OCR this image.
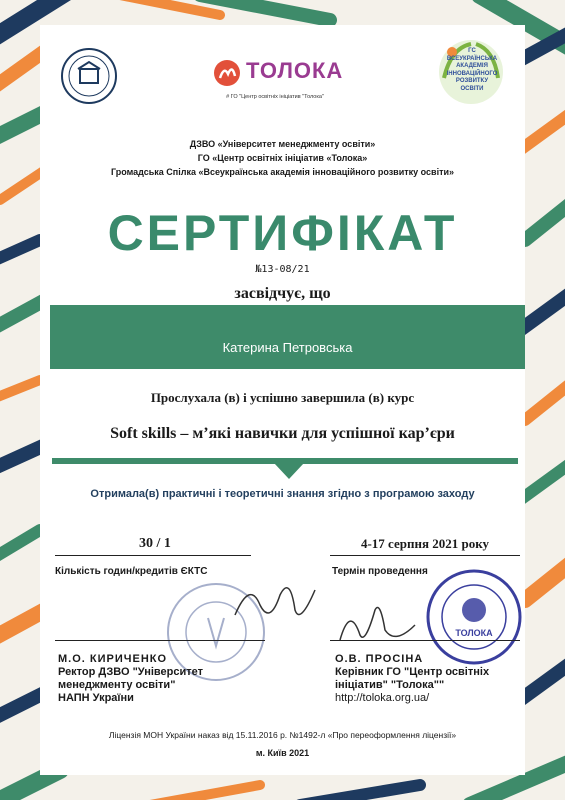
ТОЛОКА
# ГО "Центр освітніх ініціатив "Толока"
ГС
ВСЕУКРАЇНСЬКА
АКАДЕМІЯ
ІННОВАЦІЙНОГО
РОЗВИТКУ
ОСВІТИ
ДЗВО «Університет менеджменту освіти»
ГО «Центр освітніх ініціатив «Толока»
Громадська Спілка «Всеукраїнська академія інноваційного розвитку освіти»
СЕРТИФІКАТ
№13-08/21
засвідчує, що
Катерина Петровська
Прослухала (в) і успішно завершила (в) курс
Soft skills – м’які навички для успішної кар’єри
Отримала(в) практичні і теоретичні знання згідно з програмою заходу
30 / 1
Кількість годин/кредитів ЄКТС
4-17 серпня 2021 року
Термін проведення
М.О. КИРИЧЕНКО
Ректор ДЗВО "Університет
менеджменту освіти"
НАПН України
ТОЛОКА
О.В. ПРОСІНА
Керівник ГО "Центр освітніх
ініціатив" "Толока""
http://toloka.org.ua/
Ліцензія МОН України наказ від 15.11.2016 р. №1492-л «Про переоформлення ліцензії»
м. Київ 2021
